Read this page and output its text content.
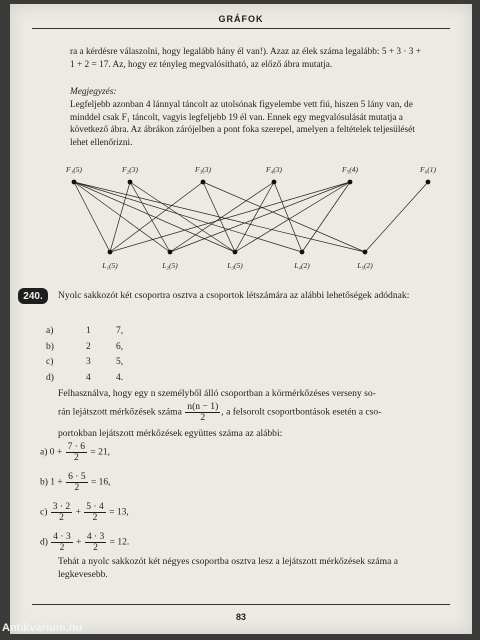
GRÁFOK

ra a kérdésre válaszolni, hogy legalább hány él van!). Azaz az élek száma legalább: 5 + 3 · 3 + 1 + 2 = 17. Az, hogy ez tényleg megvalósítható, az előző ábra mutatja.

Megjegyzés:

Legfeljebb azonban 4 lánnyal táncolt az utolsónak figyelembe vett fiú, hiszen 5 lány van, de minddel csak F₁ táncolt, vagyis legfeljebb 19 él van. Ennek egy megvalósulását mutatja a következő ábra. Az ábrákon zárójelben a pont foka szerepel, amelyen a feltételek teljesülését lehet ellenőrizni.

F₁(5)	F₂(3)	F₃(3)	F₄(3)	F₅(4)	F₆(1)
L₁(5)	L₂(5)	L₃(5)	L₄(2)	L₅(2)
240.	Nyolc sakkozót két csoportra osztva a csoportok létszámára az alábbi lehetőségek adódnak:

a)	1	7,
b)	2	6,
c)	3	5,
d)	4	4.

Felhasználva, hogy egy n személyből álló csoportban a körmérkőzéses verseny so-

rán lejátszott mérkőzések száma $\frac{n(n - 1)}{2}$ , a felsorolt csoportbontások esetén a cso-

portokban lejátszott mérkőzések együttes száma az alábbi:

a) $0 + \frac{7 \cdot 6}{2} = 21$,
b) $1 + \frac{6 \cdot 5}{2} = 16$,
$c) \frac{3 \cdot 2}{2} + \frac{5 \cdot 4}{2} = 13$,
$d) \frac{4 \cdot 3}{2} + \frac{4 \cdot 3}{2} = 12$.

Tehát a nyolc sakkozót két négyes csoportba osztva lesz a lejátszott mérkőzések száma a legkevesebb.

83
Antikvarium.hu
